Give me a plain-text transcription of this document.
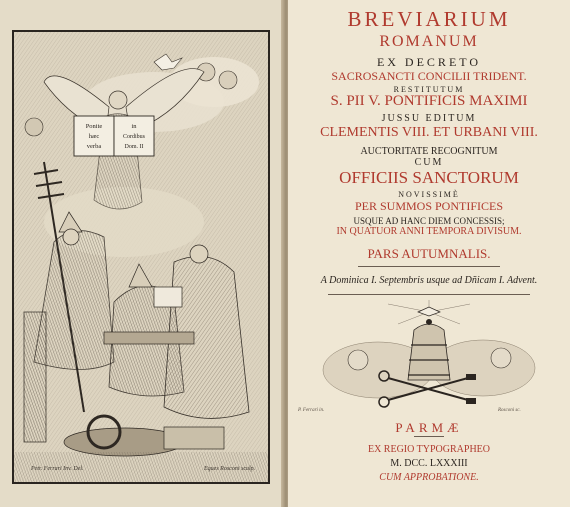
Ponite
hæc
verba
in
Cordibus
Dom. II
Petr. Ferrari Inv. Del.	Eques Rosconi sculp.
BREVIARIUM
ROMANUM
EX DECRETO
SACROSANCTI CONCILII TRIDENT.
RESTITUTUM
S. PII V. PONTIFICIS MAXIMI
JUSSU EDITUM
CLEMENTIS VIII. ET URBANI VIII.
AUCTORITATE RECOGNITUM
CUM
OFFICIIS SANCTORUM
NOVISSIMÈ
PER SUMMOS PONTIFICES
USQUE AD HANC DIEM CONCESSIS;
IN QUATUOR ANNI TEMPORA DIVISUM.
PARS AUTUMNALIS.
A Dominica I. Septembris usque ad Dñicam I. Advent.
P. Ferrari in.	Rosconi sc.
PARMÆ
EX REGIO TYPOGRAPHEO
M. DCC. LXXXIII
CUM APPROBATIONE.
